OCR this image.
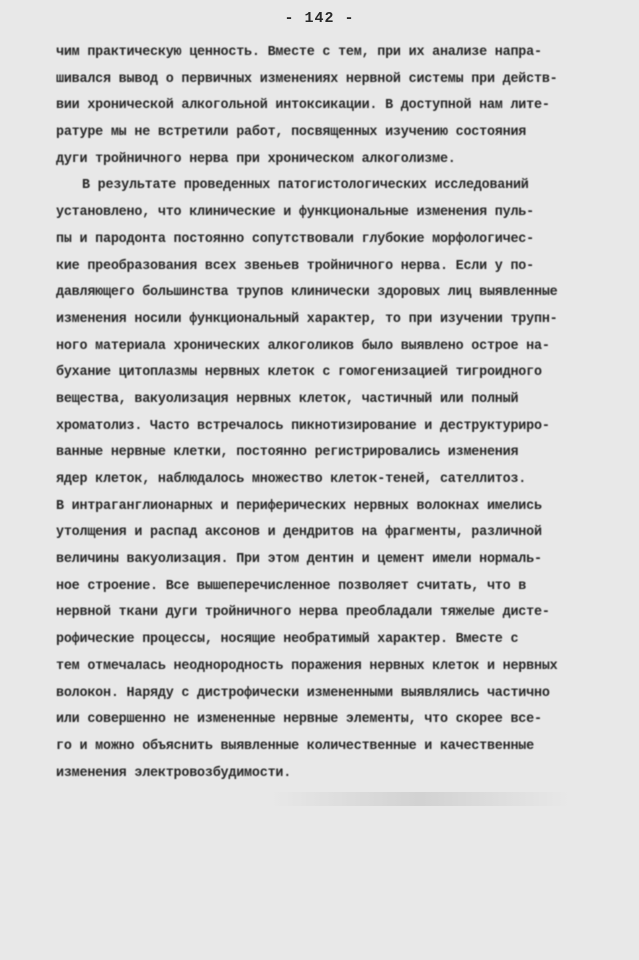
- 142 -
чим практическую ценность. Вместе с тем, при их анализе напра-
шивался вывод о первичных изменениях нервной системы при действ-
вии хронической алкогольной интоксикации. В доступной нам лите-
ратуре мы не встретили работ, посвященных изучению состояния
дуги тройничного нерва при хроническом алкоголизме.
В результате проведенных патогистологических исследований
установлено, что клинические и функциональные изменения пуль-
пы и пародонта постоянно сопутствовали глубокие морфологичес-
кие преобразования всех звеньев тройничного нерва. Если у по-
давляющего большинства трупов клинически здоровых лиц выявленные
изменения носили функциональный характер, то при изучении трупн-
ного материала хронических алкоголиков было выявлено острое на-
бухание цитоплазмы нервных клеток с гомогенизацией тигроидного
вещества, вакуолизация нервных клеток, частичный или полный
хроматолиз. Часто встречалось пикнотизирование и деструктуриро-
ванные нервные клетки, постоянно регистрировались изменения
ядер клеток, наблюдалось множество клеток-теней, сателлитоз.
В интраганглионарных и периферических нервных волокнах имелись
утолщения и распад аксонов и дендритов на фрагменты, различной
величины вакуолизация. При этом дентин и цемент имели нормаль-
ное строение. Все вышеперечисленное позволяет считать, что в
нервной ткани дуги тройничного нерва преобладали тяжелые дисте-
рофические процессы, носящие необратимый характер. Вместе с
тем отмечалась неоднородность поражения нервных клеток и нервных
волокон. Наряду с дистрофически измененными выявлялись частично
или совершенно не измененные нервные элементы, что скорее все-
го и можно объяснить выявленные количественные и качественные
изменения электровозбудимости.
